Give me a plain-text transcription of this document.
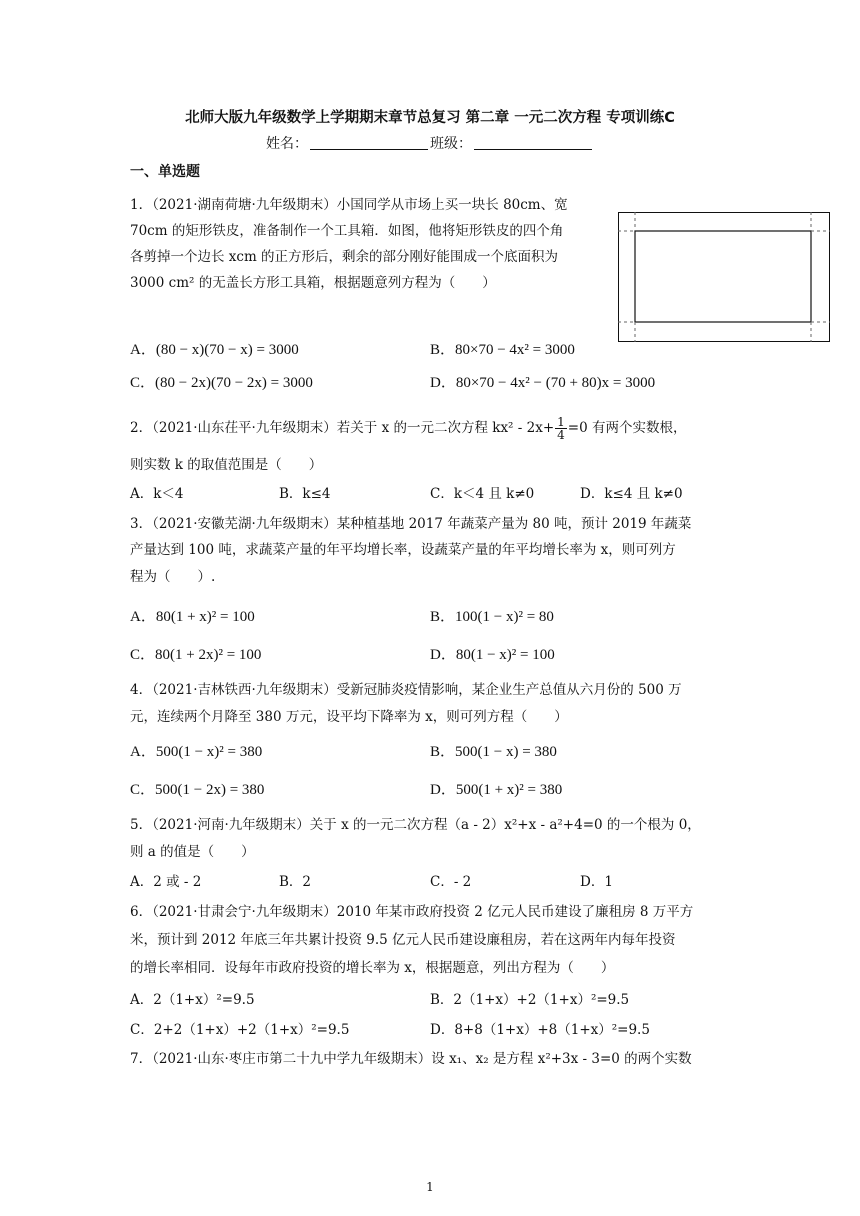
北师大版九年级数学上学期期末章节总复习 第二章 一元二次方程 专项训练C
姓名：	班级：
一、单选题
1．（2021·湖南荷塘·九年级期末）小国同学从市场上买一块长 80cm、宽
70cm 的矩形铁皮，准备制作一个工具箱．如图，他将矩形铁皮的四个角
各剪掉一个边长 xcm 的正方形后，剩余的部分刚好能围成一个底面积为
3000 cm² 的无盖长方形工具箱，根据题意列方程为（　　）
A．(80 − x)(70 − x) = 3000	B．80×70 − 4x² = 3000
C．(80 − 2x)(70 − 2x) = 3000	D．80×70 − 4x² − (70 + 80)x = 3000
2．（2021·山东茌平·九年级期末）若关于 x 的一元二次方程 $kx^2 - 2x+ \frac{1}{4} =0$ 有两个实数根，
则实数 k 的取值范围是（　　）
A．k＜4	B．k≤4	C．k＜4 且 k≠0	D．k≤4 且 k≠0
3．（2021·安徽芜湖·九年级期末）某种植基地 2017 年蔬菜产量为 80 吨，预计 2019 年蔬菜
产量达到 100 吨，求蔬菜产量的年平均增长率，设蔬菜产量的年平均增长率为 x，则可列方
程为（　　）.
A．80(1 + x)² = 100	B．100(1 − x)² = 80
C．80(1 + 2x)² = 100	D．80(1 − x)² = 100
4．（2021·吉林铁西·九年级期末）受新冠肺炎疫情影响，某企业生产总值从六月份的 500 万
元，连续两个月降至 380 万元，设平均下降率为 x，则可列方程（　　）
A．500(1 − x)² = 380	B．500(1 − x) = 380
C．500(1 − 2x) = 380	D．500(1 + x)² = 380
5．（2021·河南·九年级期末）关于 x 的一元二次方程（a - 2）x²+x - a²+4=0 的一个根为 0，
则 a 的值是（　　）
A．2 或 - 2	B．2	C．- 2	D．1
6．（2021·甘肃会宁·九年级期末）2010 年某市政府投资 2 亿元人民币建设了廉租房 8 万平方
米，预计到 2012 年底三年共累计投资 9.5 亿元人民币建设廉租房，若在这两年内每年投资
的增长率相同．设每年市政府投资的增长率为 x，根据题意，列出方程为（　　）
A．2（1+x）²=9.5	B．2（1+x）+2（1+x）²=9.5
C．2+2（1+x）+2（1+x）²=9.5	D．8+8（1+x）+8（1+x）²=9.5
7．（2021·山东·枣庄市第二十九中学九年级期末）设 x₁、x₂ 是方程 x²+3x - 3=0 的两个实数
1
